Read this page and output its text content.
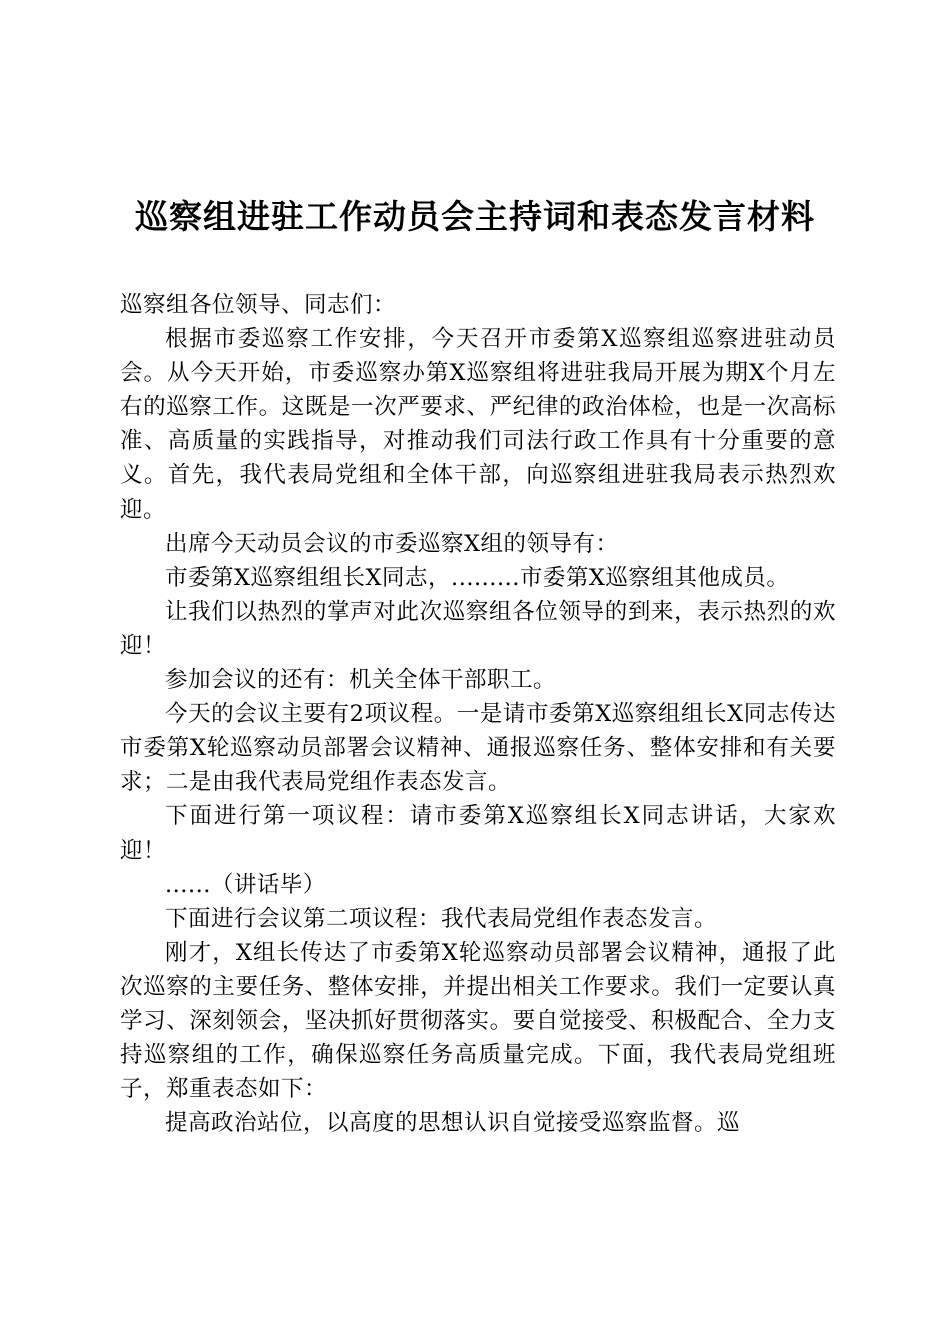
巡察组进驻工作动员会主持词和表态发言材料

巡察组各位领导、同志们：

根据市委巡察工作安排，今天召开市委第X巡察组巡察进驻动员会。从今天开始，市委巡察办第X巡察组将进驻我局开展为期X个月左右的巡察工作。这既是一次严要求、严纪律的政治体检，也是一次高标准、高质量的实践指导，对推动我们司法行政工作具有十分重要的意义。首先，我代表局党组和全体干部，向巡察组进驻我局表示热烈欢迎。

出席今天动员会议的市委巡察X组的领导有：

市委第X巡察组组长X同志，.........市委第X巡察组其他成员。

让我们以热烈的掌声对此次巡察组各位领导的到来，表示热烈的欢迎！

参加会议的还有：机关全体干部职工。

今天的会议主要有2项议程。一是请市委第X巡察组组长X同志传达市委第X轮巡察动员部署会议精神、通报巡察任务、整体安排和有关要求；二是由我代表局党组作表态发言。

下面进行第一项议程：请市委第X巡察组长X同志讲话，大家欢迎！

......（讲话毕）

下面进行会议第二项议程：我代表局党组作表态发言。

刚才，X组长传达了市委第X轮巡察动员部署会议精神，通报了此次巡察的主要任务、整体安排，并提出相关工作要求。我们一定要认真学习、深刻领会，坚决抓好贯彻落实。要自觉接受、积极配合、全力支持巡察组的工作，确保巡察任务高质量完成。下面，我代表局党组班子，郑重表态如下：

提高政治站位，以高度的思想认识自觉接受巡察监督。巡
